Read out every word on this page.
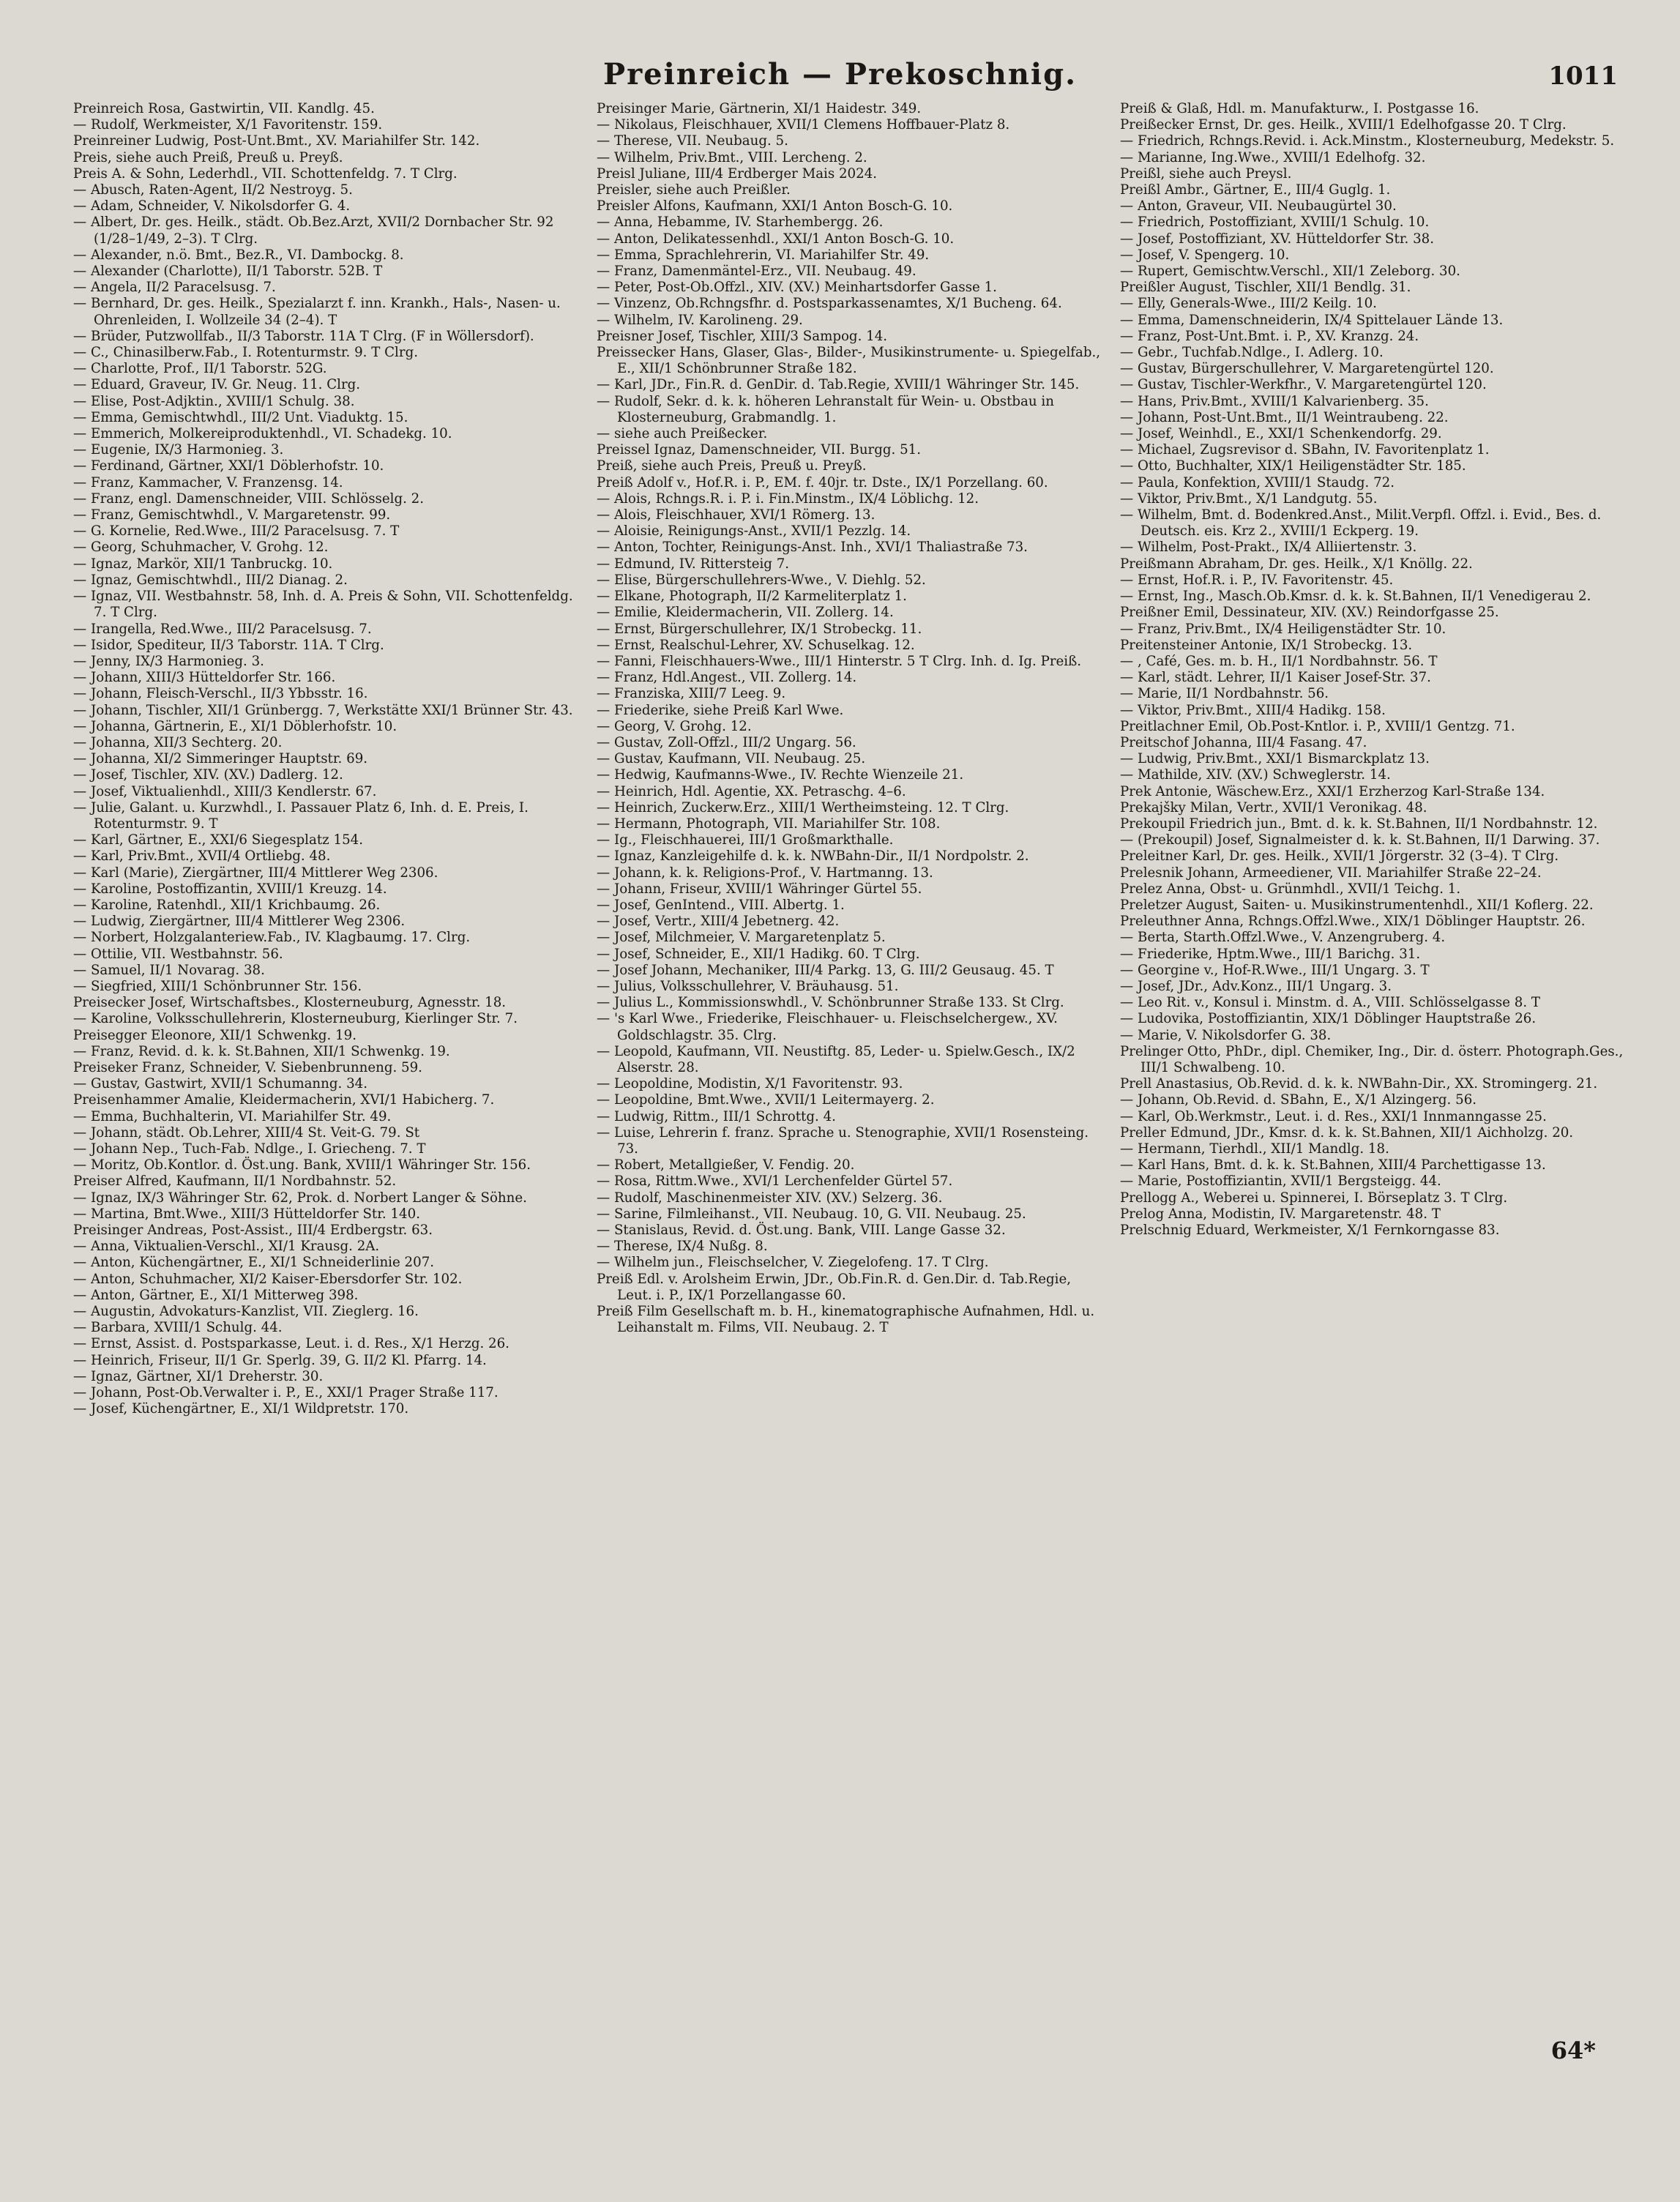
Preinreich — Prekoschnig.	1011

Preinreich Rosa, Gastwirtin, VII. Kandlg. 45.

— Rudolf, Werkmeister, X/1 Favoritenstr. 159.

Preinreiner Ludwig, Post-Unt.Bmt., XV. Mariahilfer Str. 142.

Preis, siehe auch Preiß, Preuß u. Preyß.

Preis A. & Sohn, Lederhdl., VII. Schottenfeldg. 7. T Clrg.

— Abusch, Raten-Agent, II/2 Nestroyg. 5.

— Adam, Schneider, V. Nikolsdorfer G. 4.

— Albert, Dr. ges. Heilk., städt. Ob.Bez.Arzt, XVII/2 Dornbacher Str. 92 (1/28–1/49, 2–3). T Clrg.

— Alexander, n.ö. Bmt., Bez.R., VI. Dambockg. 8.

— Alexander (Charlotte), II/1 Taborstr. 52B. T

— Angela, II/2 Paracelsusg. 7.

— Bernhard, Dr. ges. Heilk., Spezialarzt f. inn. Krankh., Hals-, Nasen- u. Ohrenleiden, I. Wollzeile 34 (2–4). T

— Brüder, Putzwollfab., II/3 Taborstr. 11A T Clrg. (F in Wöllersdorf).

— C., Chinasilberw.Fab., I. Rotenturmstr. 9. T Clrg.

— Charlotte, Prof., II/1 Taborstr. 52G.

— Eduard, Graveur, IV. Gr. Neug. 11. Clrg.

— Elise, Post-Adjktin., XVIII/1 Schulg. 38.

— Emma, Gemischtwhdl., III/2 Unt. Viaduktg. 15.

— Emmerich, Molkereiproduktenhdl., VI. Schadekg. 10.

— Eugenie, IX/3 Harmonieg. 3.

— Ferdinand, Gärtner, XXI/1 Döblerhofstr. 10.

— Franz, Kammacher, V. Franzensg. 14.

— Franz, engl. Damenschneider, VIII. Schlösselg. 2.

— Franz, Gemischtwhdl., V. Margaretenstr. 99.

— G. Kornelie, Red.Wwe., III/2 Paracelsusg. 7. T

— Georg, Schuhmacher, V. Grohg. 12.

— Ignaz, Markör, XII/1 Tanbruckg. 10.

— Ignaz, Gemischtwhdl., III/2 Dianag. 2.

— Ignaz, VII. Westbahnstr. 58, Inh. d. A. Preis & Sohn, VII. Schottenfeldg. 7. T Clrg.

— Irangella, Red.Wwe., III/2 Paracelsusg. 7.

— Isidor, Spediteur, II/3 Taborstr. 11A. T Clrg.

— Jenny, IX/3 Harmonieg. 3.

— Johann, XIII/3 Hütteldorfer Str. 166.

— Johann, Fleisch-Verschl., II/3 Ybbsstr. 16.

— Johann, Tischler, XII/1 Grünbergg. 7, Werkstätte XXI/1 Brünner Str. 43.

— Johanna, Gärtnerin, E., XI/1 Döblerhofstr. 10.

— Johanna, XII/3 Sechterg. 20.

— Johanna, XI/2 Simmeringer Hauptstr. 69.

— Josef, Tischler, XIV. (XV.) Dadlerg. 12.

— Josef, Viktualienhdl., XIII/3 Kendlerstr. 67.

— Julie, Galant. u. Kurzwhdl., I. Passauer Platz 6, Inh. d. E. Preis, I. Rotenturmstr. 9. T

— Karl, Gärtner, E., XXI/6 Siegesplatz 154.

— Karl, Priv.Bmt., XVII/4 Ortliebg. 48.

— Karl (Marie), Ziergärtner, III/4 Mittlerer Weg 2306.

— Karoline, Postoffizantin, XVIII/1 Kreuzg. 14.

— Karoline, Ratenhdl., XII/1 Krichbaumg. 26.

— Ludwig, Ziergärtner, III/4 Mittlerer Weg 2306.

— Norbert, Holzgalanteriew.Fab., IV. Klagbaumg. 17. Clrg.

— Ottilie, VII. Westbahnstr. 56.

— Samuel, II/1 Novarag. 38.

— Siegfried, XIII/1 Schönbrunner Str. 156.

Preisecker Josef, Wirtschaftsbes., Klosterneuburg, Agnesstr. 18.

— Karoline, Volksschullehrerin, Klosterneuburg, Kierlinger Str. 7.

Preisegger Eleonore, XII/1 Schwenkg. 19.

— Franz, Revid. d. k. k. St.Bahnen, XII/1 Schwenkg. 19.

Preiseker Franz, Schneider, V. Siebenbrunneng. 59.

— Gustav, Gastwirt, XVII/1 Schumanng. 34.

Preisenhammer Amalie, Kleidermacherin, XVI/1 Habicherg. 7.

— Emma, Buchhalterin, VI. Mariahilfer Str. 49.

— Johann, städt. Ob.Lehrer, XIII/4 St. Veit-G. 79. St

— Johann Nep., Tuch-Fab. Ndlge., I. Griecheng. 7. T

— Moritz, Ob.Kontlor. d. Öst.ung. Bank, XVIII/1 Währinger Str. 156.

Preiser Alfred, Kaufmann, II/1 Nordbahnstr. 52.

— Ignaz, IX/3 Währinger Str. 62, Prok. d. Norbert Langer & Söhne.

— Martina, Bmt.Wwe., XIII/3 Hütteldorfer Str. 140.

Preisinger Andreas, Post-Assist., III/4 Erdbergstr. 63.

— Anna, Viktualien-Verschl., XI/1 Krausg. 2A.

— Anton, Küchengärtner, E., XI/1 Schneiderlinie 207.

— Anton, Schuhmacher, XI/2 Kaiser-Ebersdorfer Str. 102.

— Anton, Gärtner, E., XI/1 Mitterweg 398.

— Augustin, Advokaturs-Kanzlist, VII. Zieglerg. 16.

— Barbara, XVIII/1 Schulg. 44.

— Ernst, Assist. d. Postsparkasse, Leut. i. d. Res., X/1 Herzg. 26.

— Heinrich, Friseur, II/1 Gr. Sperlg. 39, G. II/2 Kl. Pfarrg. 14.

— Ignaz, Gärtner, XI/1 Dreherstr. 30.

— Johann, Post-Ob.Verwalter i. P., E., XXI/1 Prager Straße 117.

— Josef, Küchengärtner, E., XI/1 Wildpretstr. 170.

Preisinger Marie, Gärtnerin, XI/1 Haidestr. 349.

— Nikolaus, Fleischhauer, XVII/1 Clemens Hoffbauer-Platz 8.

— Therese, VII. Neubaug. 5.

— Wilhelm, Priv.Bmt., VIII. Lercheng. 2.

Preisl Juliane, III/4 Erdberger Mais 2024.

Preisler, siehe auch Preißler.

Preisler Alfons, Kaufmann, XXI/1 Anton Bosch-G. 10.

— Anna, Hebamme, IV. Starhembergg. 26.

— Anton, Delikatessenhdl., XXI/1 Anton Bosch-G. 10.

— Emma, Sprachlehrerin, VI. Mariahilfer Str. 49.

— Franz, Damenmäntel-Erz., VII. Neubaug. 49.

— Peter, Post-Ob.Offzl., XIV. (XV.) Meinhartsdorfer Gasse 1.

— Vinzenz, Ob.Rchngsfhr. d. Postsparkassenamtes, X/1 Bucheng. 64.

— Wilhelm, IV. Karolineng. 29.

Preisner Josef, Tischler, XIII/3 Sampog. 14.

Preissecker Hans, Glaser, Glas-, Bilder-, Musikinstrumente- u. Spiegelfab., E., XII/1 Schönbrunner Straße 182.

— Karl, JDr., Fin.R. d. GenDir. d. Tab.Regie, XVIII/1 Währinger Str. 145.

— Rudolf, Sekr. d. k. k. höheren Lehranstalt für Wein- u. Obstbau in Klosterneuburg, Grabmandlg. 1.

— siehe auch Preißecker.

Preissel Ignaz, Damenschneider, VII. Burgg. 51.

Preiß, siehe auch Preis, Preuß u. Preyß.

Preiß Adolf v., Hof.R. i. P., EM. f. 40jr. tr. Dste., IX/1 Porzellang. 60.

— Alois, Rchngs.R. i. P. i. Fin.Minstm., IX/4 Löblichg. 12.

— Alois, Fleischhauer, XVI/1 Römerg. 13.

— Aloisie, Reinigungs-Anst., XVII/1 Pezzlg. 14.

— Anton, Tochter, Reinigungs-Anst. Inh., XVI/1 Thaliastraße 73.

— Edmund, IV. Rittersteig 7.

— Elise, Bürgerschullehrers-Wwe., V. Diehlg. 52.

— Elkane, Photograph, II/2 Karmeliterplatz 1.

— Emilie, Kleidermacherin, VII. Zollerg. 14.

— Ernst, Bürgerschullehrer, IX/1 Strobeckg. 11.

— Ernst, Realschul-Lehrer, XV. Schuselkag. 12.

— Fanni, Fleischhauers-Wwe., III/1 Hinterstr. 5 T Clrg. Inh. d. Ig. Preiß.

— Franz, Hdl.Angest., VII. Zollerg. 14.

— Franziska, XIII/7 Leeg. 9.

— Friederike, siehe Preiß Karl Wwe.

— Georg, V. Grohg. 12.

— Gustav, Zoll-Offzl., III/2 Ungarg. 56.

— Gustav, Kaufmann, VII. Neubaug. 25.

— Hedwig, Kaufmanns-Wwe., IV. Rechte Wienzeile 21.

— Heinrich, Hdl. Agentie, XX. Petraschg. 4–6.

— Heinrich, Zuckerw.Erz., XIII/1 Wertheimsteing. 12. T Clrg.

— Hermann, Photograph, VII. Mariahilfer Str. 108.

— Ig., Fleischhauerei, III/1 Großmarkthalle.

— Ignaz, Kanzleigehilfe d. k. k. NWBahn-Dir., II/1 Nordpolstr. 2.

— Johann, k. k. Religions-Prof., V. Hartmanng. 13.

— Johann, Friseur, XVIII/1 Währinger Gürtel 55.

— Josef, GenIntend., VIII. Albertg. 1.

— Josef, Vertr., XIII/4 Jebetnerg. 42.

— Josef, Milchmeier, V. Margaretenplatz 5.

— Josef, Schneider, E., XII/1 Hadikg. 60. T Clrg.

— Josef Johann, Mechaniker, III/4 Parkg. 13, G. III/2 Geusaug. 45. T

— Julius, Volksschullehrer, V. Bräuhausg. 51.

— Julius L., Kommissionswhdl., V. Schönbrunner Straße 133. St Clrg.

— 's Karl Wwe., Friederike, Fleischhauer- u. Fleischselchergew., XV. Goldschlagstr. 35. Clrg.

— Leopold, Kaufmann, VII. Neustiftg. 85, Leder- u. Spielw.Gesch., IX/2 Alserstr. 28.

— Leopoldine, Modistin, X/1 Favoritenstr. 93.

— Leopoldine, Bmt.Wwe., XVII/1 Leitermayerg. 2.

— Ludwig, Rittm., III/1 Schrottg. 4.

— Luise, Lehrerin f. franz. Sprache u. Stenographie, XVII/1 Rosensteing. 73.

— Robert, Metallgießer, V. Fendig. 20.

— Rosa, Rittm.Wwe., XVI/1 Lerchenfelder Gürtel 57.

— Rudolf, Maschinenmeister XIV. (XV.) Selzerg. 36.

— Sarine, Filmleihanst., VII. Neubaug. 10, G. VII. Neubaug. 25.

— Stanislaus, Revid. d. Öst.ung. Bank, VIII. Lange Gasse 32.

— Therese, IX/4 Nußg. 8.

— Wilhelm jun., Fleischselcher, V. Ziegelofeng. 17. T Clrg.

Preiß Edl. v. Arolsheim Erwin, JDr., Ob.Fin.R. d. Gen.Dir. d. Tab.Regie, Leut. i. P., IX/1 Porzellangasse 60.

Preiß Film Gesellschaft m. b. H., kinematographische Aufnahmen, Hdl. u. Leihanstalt m. Films, VII. Neubaug. 2. T

Preiß & Glaß, Hdl. m. Manufakturw., I. Postgasse 16.

Preißecker Ernst, Dr. ges. Heilk., XVIII/1 Edelhofgasse 20. T Clrg.

— Friedrich, Rchngs.Revid. i. Ack.Minstm., Klosterneuburg, Medekstr. 5.

— Marianne, Ing.Wwe., XVIII/1 Edelhofg. 32.

Preißl, siehe auch Preysl.

Preißl Ambr., Gärtner, E., III/4 Guglg. 1.

— Anton, Graveur, VII. Neubaugürtel 30.

— Friedrich, Postoffiziant, XVIII/1 Schulg. 10.

— Josef, Postoffiziant, XV. Hütteldorfer Str. 38.

— Josef, V. Spengerg. 10.

— Rupert, Gemischtw.Verschl., XII/1 Zeleborg. 30.

Preißler August, Tischler, XII/1 Bendlg. 31.

— Elly, Generals-Wwe., III/2 Keilg. 10.

— Emma, Damenschneiderin, IX/4 Spittelauer Lände 13.

— Franz, Post-Unt.Bmt. i. P., XV. Kranzg. 24.

— Gebr., Tuchfab.Ndlge., I. Adlerg. 10.

— Gustav, Bürgerschullehrer, V. Margaretengürtel 120.

— Gustav, Tischler-Werkfhr., V. Margaretengürtel 120.

— Hans, Priv.Bmt., XVIII/1 Kalvarienberg. 35.

— Johann, Post-Unt.Bmt., II/1 Weintraubeng. 22.

— Josef, Weinhdl., E., XXI/1 Schenkendorfg. 29.

— Michael, Zugsrevisor d. SBahn, IV. Favoritenplatz 1.

— Otto, Buchhalter, XIX/1 Heiligenstädter Str. 185.

— Paula, Konfektion, XVIII/1 Staudg. 72.

— Viktor, Priv.Bmt., X/1 Landgutg. 55.

— Wilhelm, Bmt. d. Bodenkred.Anst., Milit.Verpfl. Offzl. i. Evid., Bes. d. Deutsch. eis. Krz 2., XVIII/1 Eckperg. 19.

— Wilhelm, Post-Prakt., IX/4 Alliiertenstr. 3.

Preißmann Abraham, Dr. ges. Heilk., X/1 Knöllg. 22.

— Ernst, Hof.R. i. P., IV. Favoritenstr. 45.

— Ernst, Ing., Masch.Ob.Kmsr. d. k. k. St.Bahnen, II/1 Venedigerau 2.

Preißner Emil, Dessinateur, XIV. (XV.) Reindorfgasse 25.

— Franz, Priv.Bmt., IX/4 Heiligenstädter Str. 10.

Preitensteiner Antonie, IX/1 Strobeckg. 13.

— , Café, Ges. m. b. H., II/1 Nordbahnstr. 56. T

— Karl, städt. Lehrer, II/1 Kaiser Josef-Str. 37.

— Marie, II/1 Nordbahnstr. 56.

— Viktor, Priv.Bmt., XIII/4 Hadikg. 158.

Preitlachner Emil, Ob.Post-Kntlor. i. P., XVIII/1 Gentzg. 71.

Preitschof Johanna, III/4 Fasang. 47.

— Ludwig, Priv.Bmt., XXI/1 Bismarckplatz 13.

— Mathilde, XIV. (XV.) Schweglerstr. 14.

Prek Antonie, Wäschew.Erz., XXI/1 Erzherzog Karl-Straße 134.

Prekajšky Milan, Vertr., XVII/1 Veronikag. 48.

Prekoupil Friedrich jun., Bmt. d. k. k. St.Bahnen, II/1 Nordbahnstr. 12.

— (Prekoupil) Josef, Signalmeister d. k. k. St.Bahnen, II/1 Darwing. 37.

Preleitner Karl, Dr. ges. Heilk., XVII/1 Jörgerstr. 32 (3–4). T Clrg.

Prelesnik Johann, Armeediener, VII. Mariahilfer Straße 22–24.

Prelez Anna, Obst- u. Grünmhdl., XVII/1 Teichg. 1.

Preletzer August, Saiten- u. Musikinstrumentenhdl., XII/1 Koflerg. 22.

Preleuthner Anna, Rchngs.Offzl.Wwe., XIX/1 Döblinger Hauptstr. 26.

— Berta, Starth.Offzl.Wwe., V. Anzengruberg. 4.

— Friederike, Hptm.Wwe., III/1 Barichg. 31.

— Georgine v., Hof-R.Wwe., III/1 Ungarg. 3. T

— Josef, JDr., Adv.Konz., III/1 Ungarg. 3.

— Leo Rit. v., Konsul i. Minstm. d. A., VIII. Schlösselgasse 8. T

— Ludovika, Postoffiziantin, XIX/1 Döblinger Hauptstraße 26.

— Marie, V. Nikolsdorfer G. 38.

Prelinger Otto, PhDr., dipl. Chemiker, Ing., Dir. d. österr. Photograph.Ges., III/1 Schwalbeng. 10.

Prell Anastasius, Ob.Revid. d. k. k. NWBahn-Dir., XX. Stromingerg. 21.

— Johann, Ob.Revid. d. SBahn, E., X/1 Alzingerg. 56.

— Karl, Ob.Werkmstr., Leut. i. d. Res., XXI/1 Innmanngasse 25.

Preller Edmund, JDr., Kmsr. d. k. k. St.Bahnen, XII/1 Aichholzg. 20.

— Hermann, Tierhdl., XII/1 Mandlg. 18.

— Karl Hans, Bmt. d. k. k. St.Bahnen, XIII/4 Parchettigasse 13.

— Marie, Postoffiziantin, XVII/1 Bergsteigg. 44.

Prellogg A., Weberei u. Spinnerei, I. Börseplatz 3. T Clrg.

Prelog Anna, Modistin, IV. Margaretenstr. 48. T

Prelschnig Eduard, Werkmeister, X/1 Fernkorngasse 83.

64*
